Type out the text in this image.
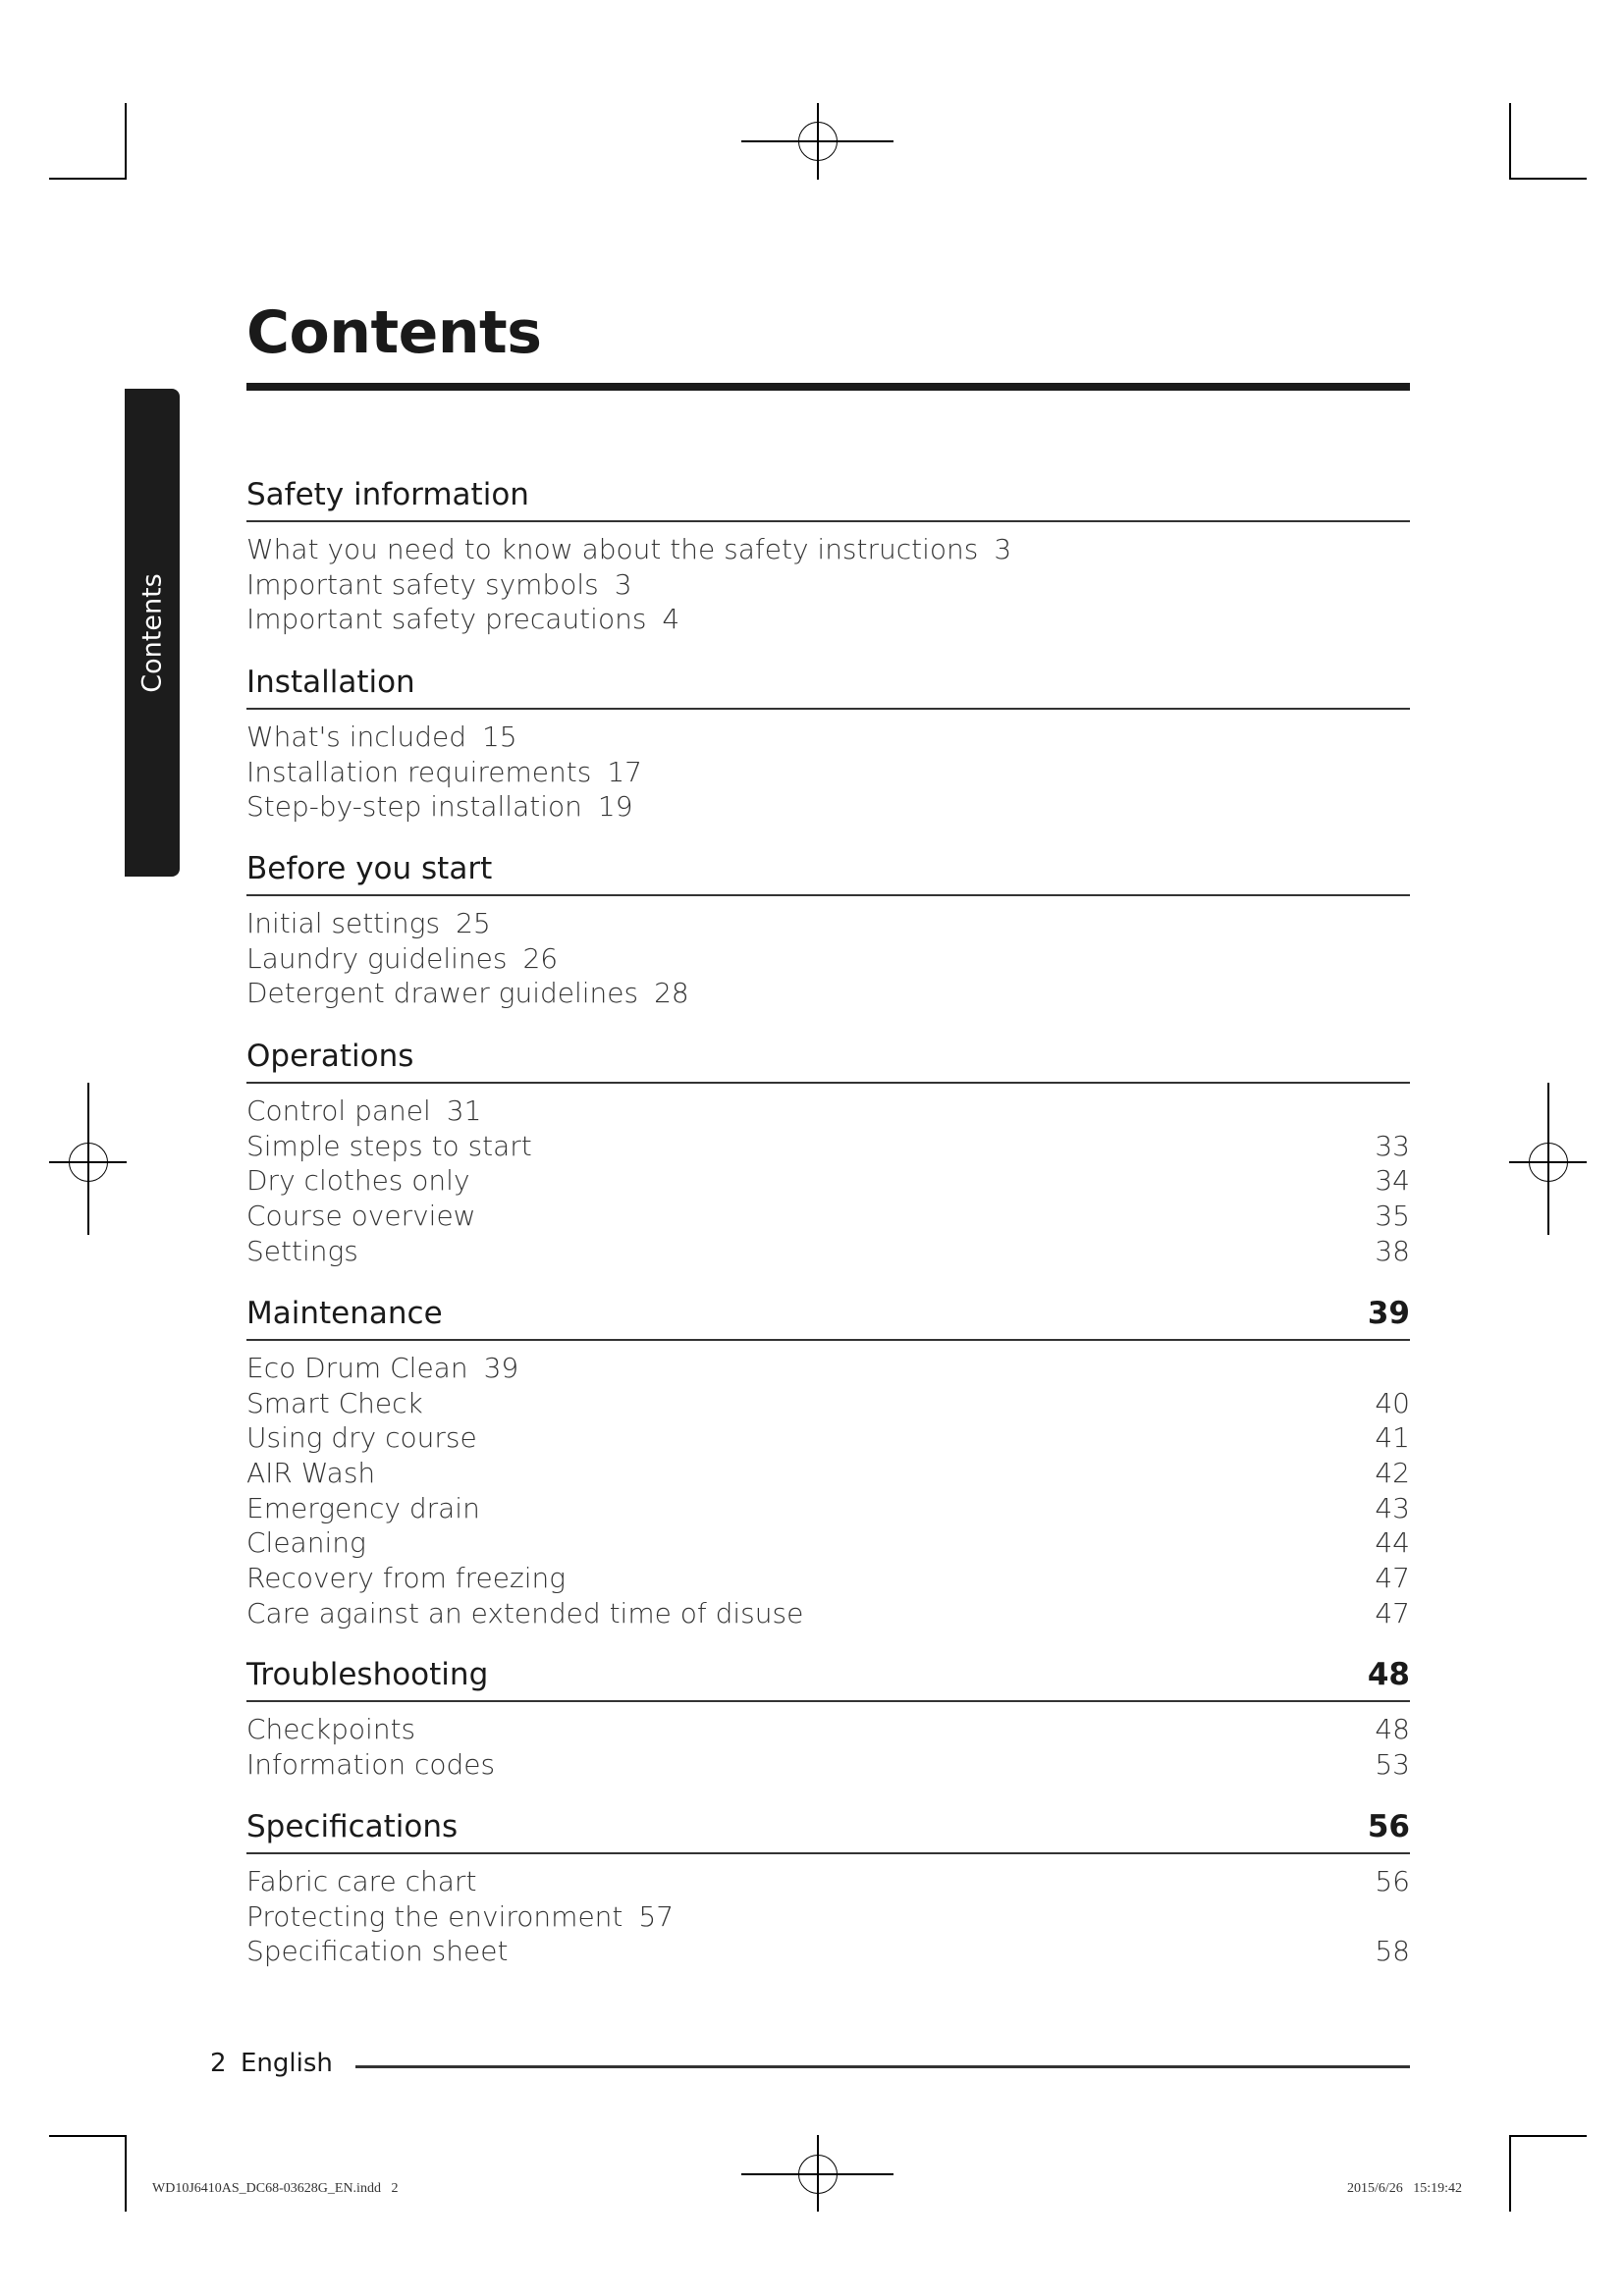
Contents
Contents
Safety information
What you need to know about the safety instructions 3
Important safety symbols 3
Important safety precautions 4
Installation
What's included 15
Installation requirements 17
Step-by-step installation 19
Before you start
Initial settings 25
Laundry guidelines 26
Detergent drawer guidelines 28
Operations
Control panel 31
Simple steps to start	33
Dry clothes only	34
Course overview	35
Settings	38
Maintenance	39
Eco Drum Clean 39
Smart Check	40
Using dry course	41
AIR Wash	42
Emergency drain	43
Cleaning	44
Recovery from freezing	47
Care against an extended time of disuse	47
Troubleshooting	48
Checkpoints	48
Information codes	53
Specifications	56
Fabric care chart	56
Protecting the environment 57
Specification sheet	58
2 English
WD10J6410AS_DC68-03628G_EN.indd   2	2015/6/26   15:19:42
